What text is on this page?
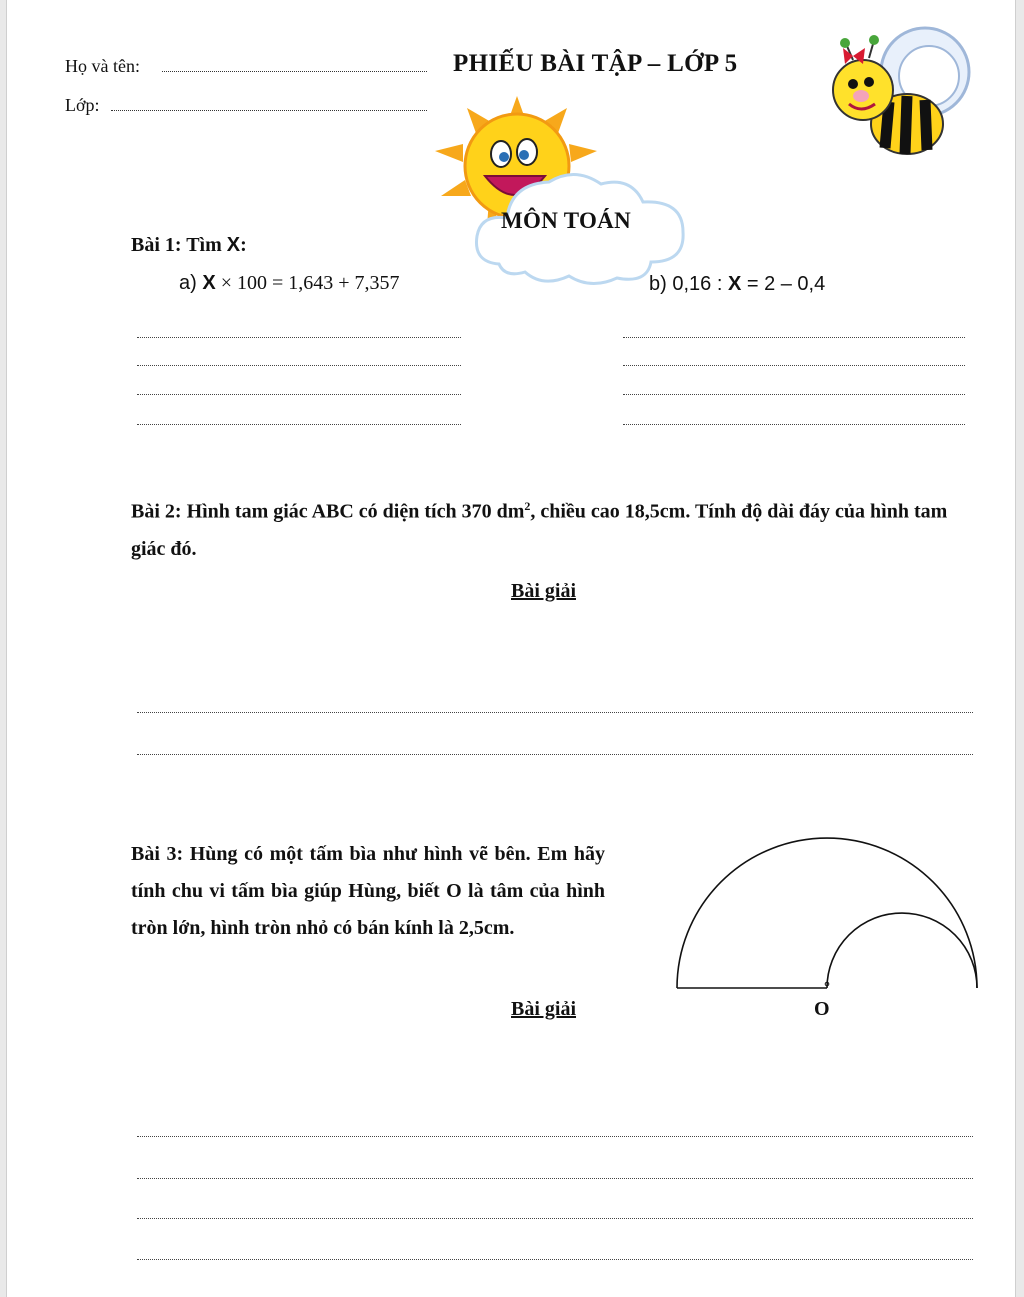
Họ và tên:
Lớp:
PHIẾU BÀI TẬP – LỚP 5
MÔN TOÁN
Bài 1: Tìm X:
a) X × 100 = 1,643 + 7,357	b) 0,16 : X = 2 – 0,4
Bài 2: Hình tam giác ABC có diện tích 370 $dm^2$, chiều cao 18,5cm. Tính độ dài đáy của hình tam giác đó.
Bài giải
Bài 3: Hùng có một tấm bìa như hình vẽ bên. Em hãy tính chu vi tấm bìa giúp Hùng, biết O là tâm của hình tròn lớn, hình tròn nhỏ có bán kính là 2,5cm.
Bài giải	O
